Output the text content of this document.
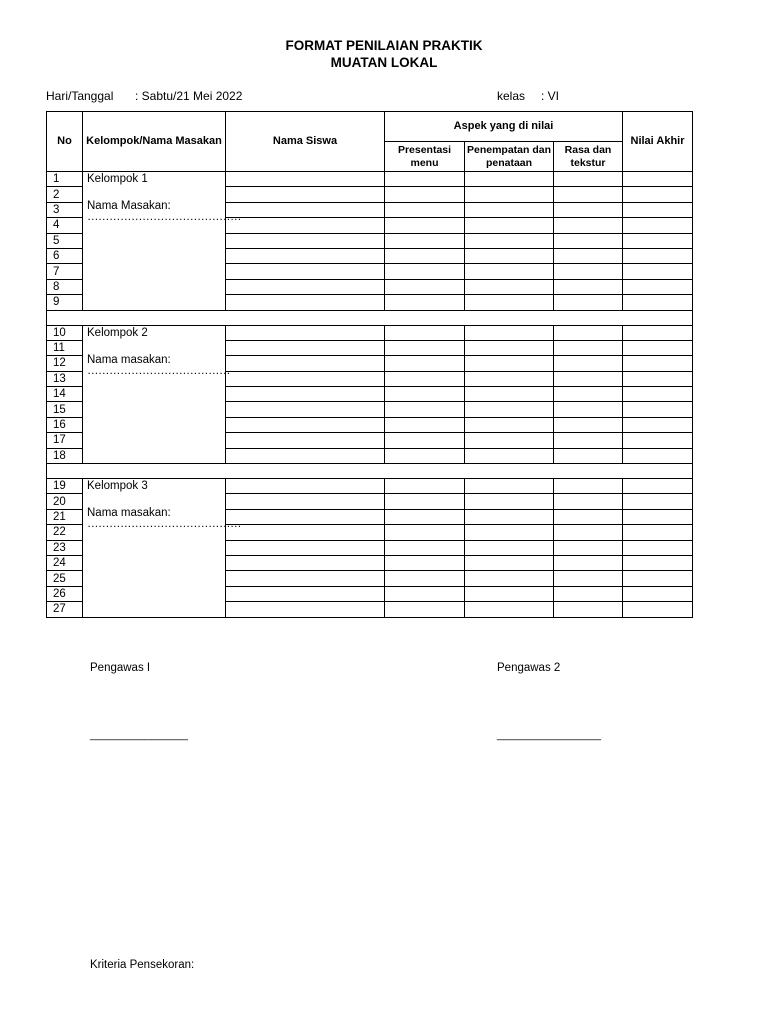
FORMAT PENILAIAN PRAKTIK
MUATAN LOKAL
Hari/Tanggal : Sabtu/21 Mei 2022	kelas : VI
No	Kelompok/Nama Masakan	Nama Siswa	Aspek yang di nilai			Nilai Akhir
			Presentasi menu	Penempatan dan penataan	Rasa dan tekstur	
1	Kelompok 1
Nama Masakan:
……………………………………					

2						
3						
4						
5						
6						
7						
8						
9						

10	Kelompok 2
Nama masakan:
…………………………………					

11						
12						
13						
14						
15						
16						
17						
18						

19	Kelompok 3
Nama masakan:
……………………………………					

20						
21						
22						
23						
24						
25						
26						
27						
Pengawas I	Pengawas 2
________________	_________________
Kriteria Pensekoran:
